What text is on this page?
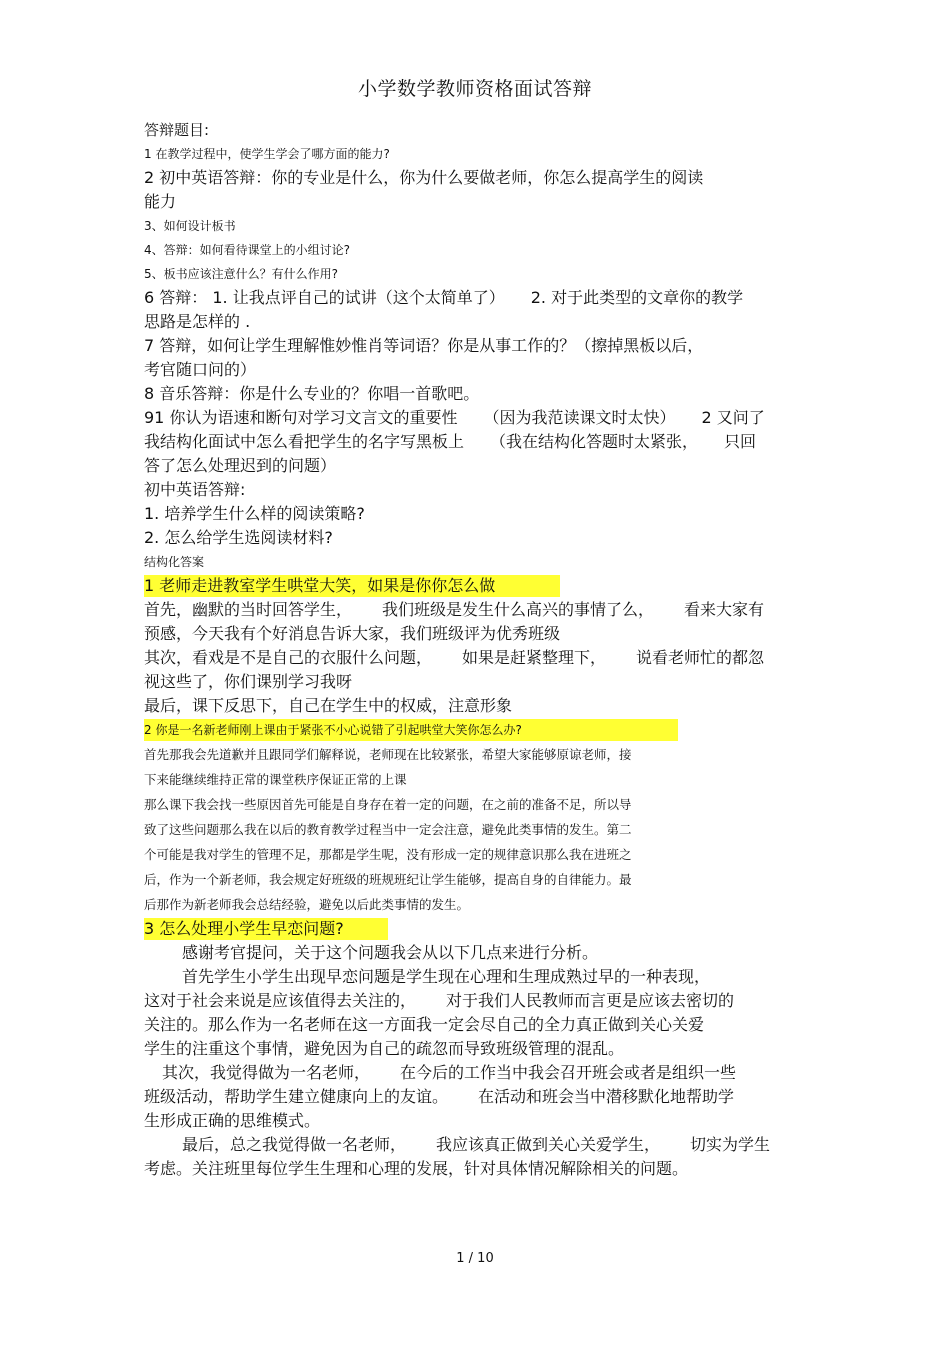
小学数学教师资格面试答辩
答辩题目:
1 在教学过程中，使学生学会了哪方面的能力?
2 初中英语答辩：你的专业是什么，你为什么要做老师，你怎么提高学生的阅读
能力
3、如何设计板书
4、答辩：如何看待课堂上的小组讨论?
5、板书应该注意什么？有什么作用?
6 答辩： 1. 让我点评自己的试讲（这个太简单了） 2. 对于此类型的文章你的教学
思路是怎样的 .
7 答辩，如何让学生理解惟妙惟肖等词语？你是从事工作的？（擦掉黑板以后，
考官随口问的）
8 音乐答辩：你是什么专业的？你唱一首歌吧。
91 你认为语速和断句对学习文言文的重要性 （因为我范读课文时太快） 2 又问了
我结构化面试中怎么看把学生的名字写黑板上 （我在结构化答题时太紧张， 只回
答了怎么处理迟到的问题）
初中英语答辩:
1. 培养学生什么样的阅读策略?
2. 怎么给学生选阅读材料?
结构化答案
1 老师走进教室学生哄堂大笑，如果是你你怎么做
首先，幽默的当时回答学生， 我们班级是发生什么高兴的事情了么， 看来大家有
预感，今天我有个好消息告诉大家，我们班级评为优秀班级
其次，看戏是不是自己的衣服什么问题， 如果是赶紧整理下， 说看老师忙的都忽
视这些了，你们课别学习我呀
最后，课下反思下，自己在学生中的权威，注意形象
2 你是一名新老师刚上课由于紧张不小心说错了引起哄堂大笑你怎么办?
首先那我会先道歉并且跟同学们解释说，老师现在比较紧张，希望大家能够原谅老师，接
下来能继续维持正常的课堂秩序保证正常的上课
那么课下我会找一些原因首先可能是自身存在着一定的问题，在之前的准备不足，所以导
致了这些问题那么我在以后的教育教学过程当中一定会注意，避免此类事情的发生。第二
个可能是我对学生的管理不足，那都是学生呢，没有形成一定的规律意识那么我在进班之
后，作为一个新老师，我会规定好班级的班规班纪让学生能够，提高自身的自律能力。最
后那作为新老师我会总结经验，避免以后此类事情的发生。
3 怎么处理小学生早恋问题?
感谢考官提问，关于这个问题我会从以下几点来进行分析。
首先学生小学生出现早恋问题是学生现在心理和生理成熟过早的一种表现，
这对于社会来说是应该值得去关注的， 对于我们人民教师而言更是应该去密切的
关注的。那么作为一名老师在这一方面我一定会尽自己的全力真正做到关心关爱
学生的注重这个事情，避免因为自己的疏忽而导致班级管理的混乱。
其次，我觉得做为一名老师， 在今后的工作当中我会召开班会或者是组织一些
班级活动，帮助学生建立健康向上的友谊。 在活动和班会当中潜移默化地帮助学
生形成正确的思维模式。
最后，总之我觉得做一名老师， 我应该真正做到关心关爱学生， 切实为学生
考虑。关注班里每位学生生理和心理的发展，针对具体情况解除相关的问题。
1 / 10
